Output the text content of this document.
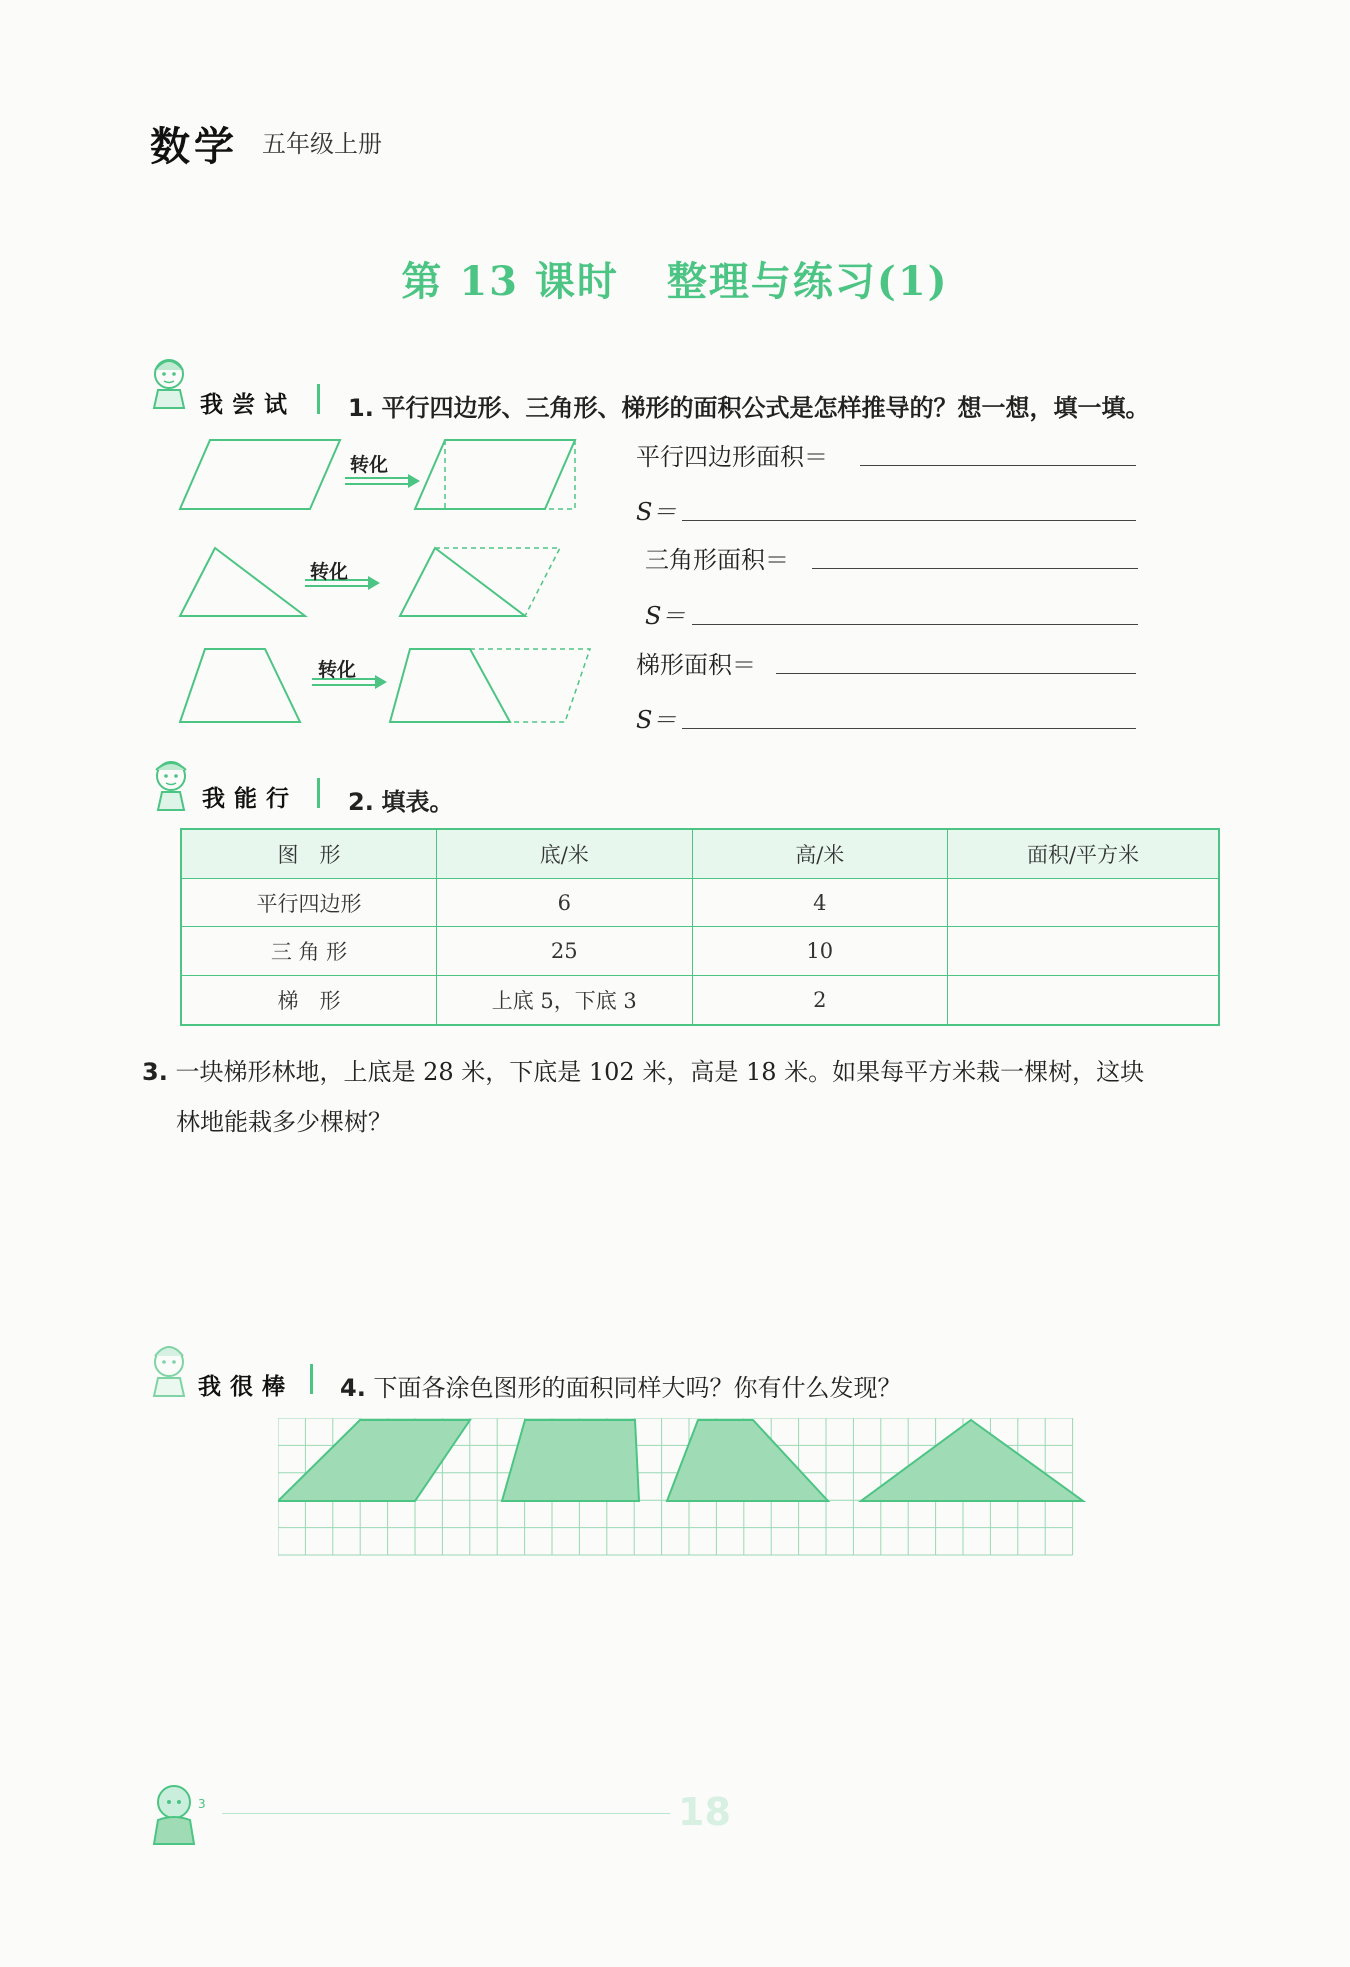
数学 五年级上册
第 13 课时 整理与练习(1)
我尝试 1. 平行四边形、三角形、梯形的面积公式是怎样推导的？想一想，填一填。
转化
转化
转化
平行四边形面积＝
S＝
三角形面积＝
S＝
梯形面积＝
S＝
我能行 2. 填表。
图　形	底/米	高/米	面积/平方米
平行四边形	6	4	
三 角 形	25	10	
梯　形	上底 5，下底 3	2	
3. 一块梯形林地，上底是 28 米，下底是 102 米，高是 18 米。如果每平方米栽一棵树，这块
林地能栽多少棵树？
我很棒 4. 下面各涂色图形的面积同样大吗？你有什么发现？
3	18
